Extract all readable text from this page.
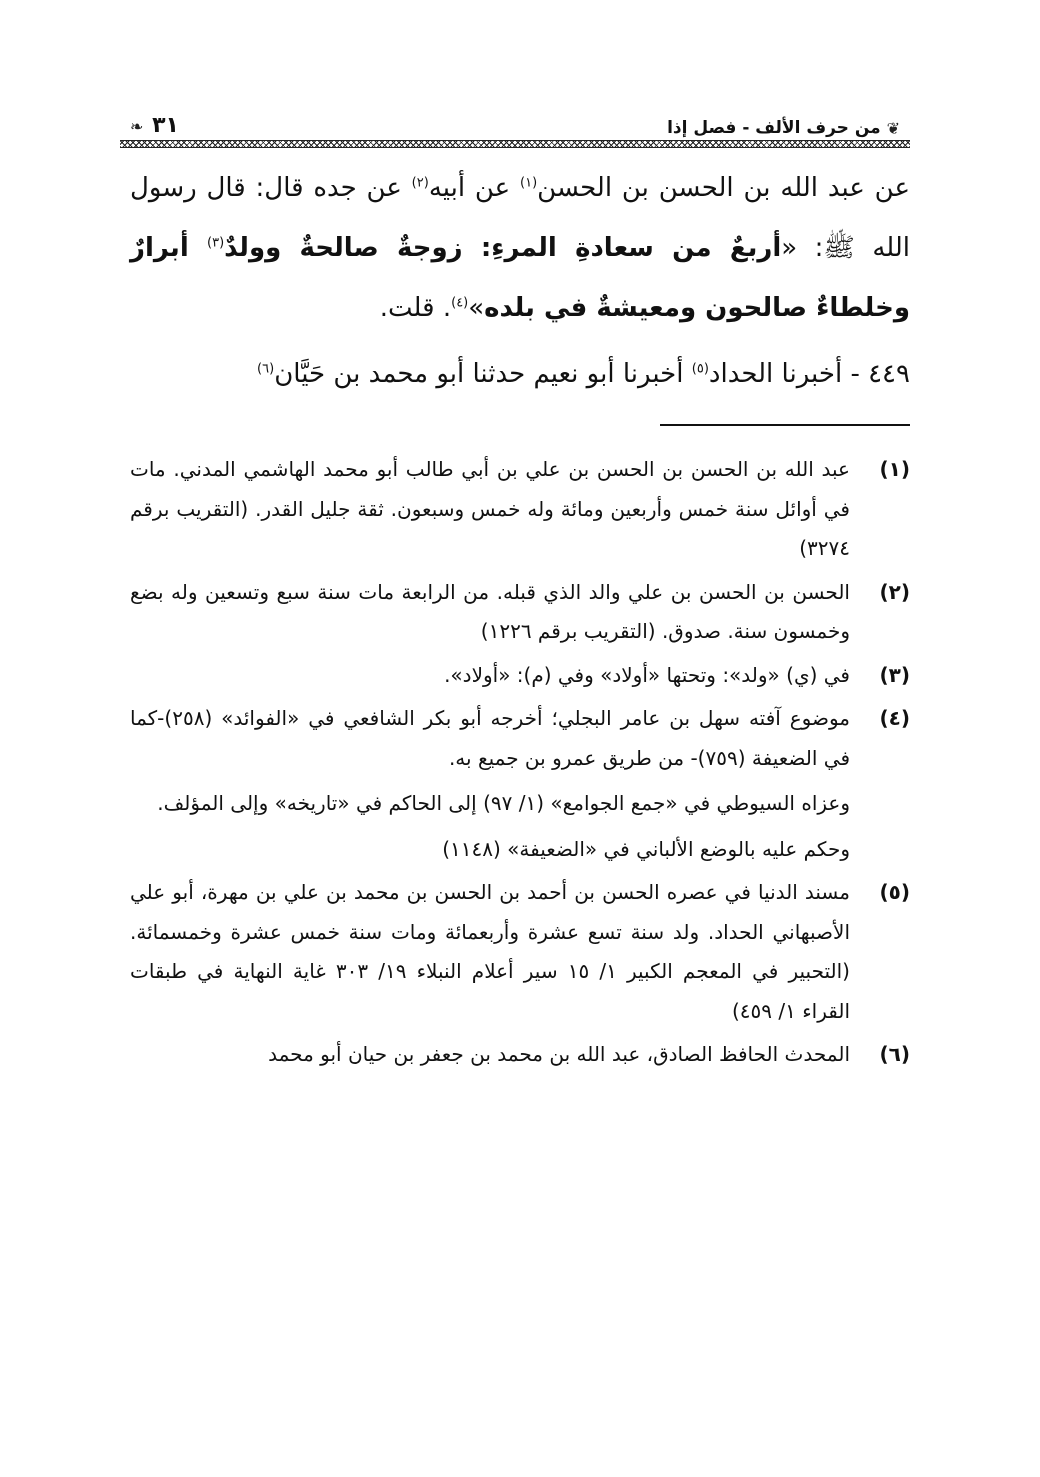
❦ من حرف الألف - فصل إذا
٣١ ❧

عن عبد الله بن الحسن بن الحسن$^{(١)}$ عن أبيه$^{(٢)}$ عن جده قال: قال رسول الله ﷺ: «أربعٌ من سعادةِ المرءِ: زوجةٌ صالحةٌ وولدٌ$^{(٣)}$ أبرارٌ وخلطاءٌ صالحون ومعيشةٌ في بلده»$^{(٤)}$. قلت.

٤٤٩ - أخبرنا الحداد$^{(٥)}$ أخبرنا أبو نعيم حدثنا أبو محمد بن حَيَّان$^{(٦)}$

(١)

عبد الله بن الحسن بن الحسن بن علي بن أبي طالب أبو محمد الهاشمي المدني. مات في أوائل سنة خمس وأربعين ومائة وله خمس وسبعون. ثقة جليل القدر. (التقريب برقم ٣٢٧٤)

(٢)

الحسن بن الحسن بن علي والد الذي قبله. من الرابعة مات سنة سبع وتسعين وله بضع وخمسون سنة. صدوق. (التقريب برقم ١٢٢٦)

(٣)

في (ي) «ولد»: وتحتها «أولاد» وفي (م): «أولاد».

(٤)

موضوع آفته سهل بن عامر البجلي؛ أخرجه أبو بكر الشافعي في «الفوائد» (٢٥٨)-كما في الضعيفة (٧٥٩)- من طريق عمرو بن جميع به.

وعزاه السيوطي في «جمع الجوامع» (١/ ٩٧) إلى الحاكم في «تاريخه» وإلى المؤلف.

وحكم عليه بالوضع الألباني في «الضعيفة» (١١٤٨)

(٥)

مسند الدنيا في عصره الحسن بن أحمد بن الحسن بن محمد بن علي بن مهرة، أبو علي الأصبهاني الحداد. ولد سنة تسع عشرة وأربعمائة ومات سنة خمس عشرة وخمسمائة. (التحبير في المعجم الكبير ١/ ١٥ سير أعلام النبلاء ١٩/ ٣٠٣ غاية النهاية في طبقات القراء ١/ ٤٥٩)

(٦)

المحدث الحافظ الصادق، عبد الله بن محمد بن جعفر بن حيان أبو محمد
